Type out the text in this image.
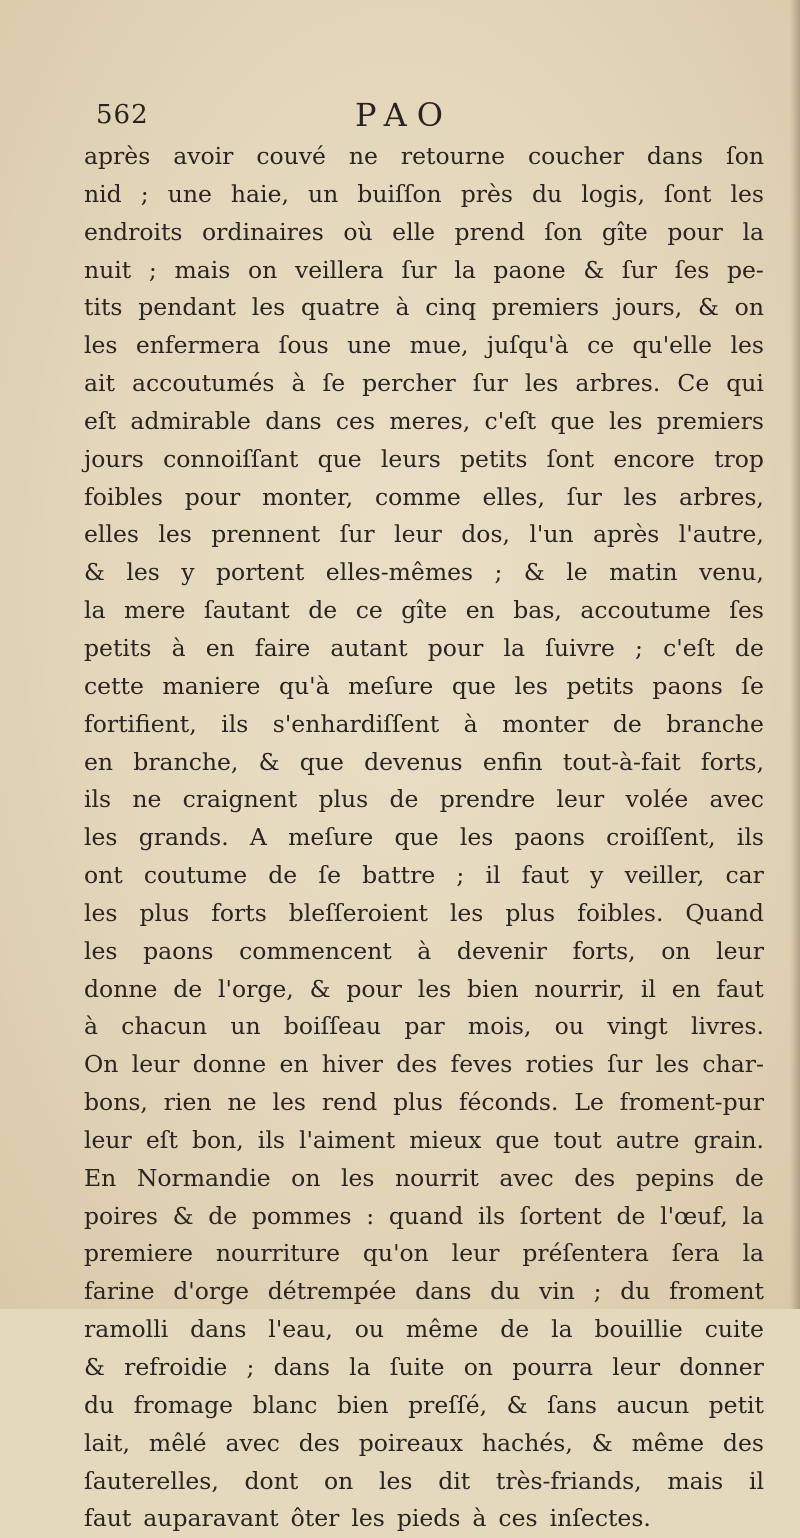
562	PAO
après avoir couvé ne retourne coucher dans ſon
nid ; une haie, un buiſſon près du logis, ſont les
endroits ordinaires où elle prend ſon gîte pour la
nuit ; mais on veillera ſur la paone & ſur ſes pe-
tits pendant les quatre à cinq premiers jours, & on
les enfermera ſous une mue, juſqu'à ce qu'elle les
ait accoutumés à ſe percher ſur les arbres. Ce qui
eſt admirable dans ces meres, c'eſt que les premiers
jours connoiſſant que leurs petits ſont encore trop
foibles pour monter, comme elles, ſur les arbres,
elles les prennent ſur leur dos, l'un après l'autre,
& les y portent elles-mêmes ; & le matin venu,
la mere ſautant de ce gîte en bas, accoutume ſes
petits à en faire autant pour la ſuivre ; c'eſt de
cette maniere qu'à meſure que les petits paons ſe
fortifient, ils s'enhardiſſent à monter de branche
en branche, & que devenus enfin tout-à-fait forts,
ils ne craignent plus de prendre leur volée avec
les grands. A meſure que les paons croiſſent, ils
ont coutume de ſe battre ; il faut y veiller, car
les plus forts bleſſeroient les plus foibles. Quand
les paons commencent à devenir forts, on leur
donne de l'orge, & pour les bien nourrir, il en faut
à chacun un boiſſeau par mois, ou vingt livres.
On leur donne en hiver des feves roties ſur les char-
bons, rien ne les rend plus féconds. Le froment-pur
leur eſt bon, ils l'aiment mieux que tout autre grain.
En Normandie on les nourrit avec des pepins de
poires & de pommes : quand ils ſortent de l'œuf, la
premiere nourriture qu'on leur préſentera ſera la
farine d'orge détrempée dans du vin ; du froment
ramolli dans l'eau, ou même de la bouillie cuite
& refroidie ; dans la ſuite on pourra leur donner
du fromage blanc bien preſſé, & ſans aucun petit
lait, mêlé avec des poireaux hachés, & même des
ſauterelles, dont on les dit très-friands, mais il
faut auparavant ôter les pieds à ces inſectes.
